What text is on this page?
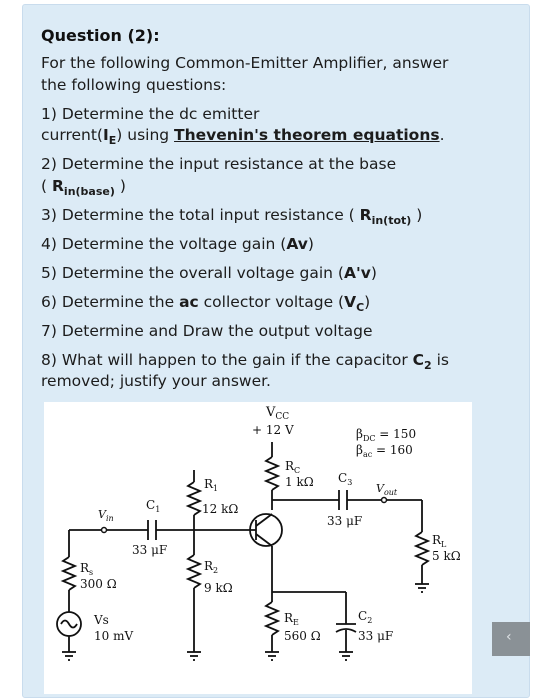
Question (2):
For the following Common-Emitter Amplifier, answer
the following questions:
1) Determine the dc emitter
$current(I_E)$ using Thevenin's theorem equations.
2) Determine the input resistance at the base
( $R_{in(base)}$ )
3) Determine the total input resistance ( $R_{in(tot)}$ )
4) Determine the voltage gain (Av)
5) Determine the overall voltage gain (A'v)
6) Determine the ac collector voltage $(V_C)$
7) Determine and Draw the output voltage
8) What will happen to the gain if the capacitor $C_2$ is
removed; justify your answer.
$V_{CC}$
+ 12 V	$\beta_{DC} = 150$
$\beta_{ac} = 160$
$R_C$
1 kΩ $C_3$
33 μF
$V_{out}$
$R_1$
12 kΩ
$C_1$
33 μF
$V_{in}$
$R_L$
5 kΩ
$R_s$
300 Ω
$R_2$
9 kΩ
Vs
10 mV
$R_E$
560 Ω
$C_2$
33 μF	‹
